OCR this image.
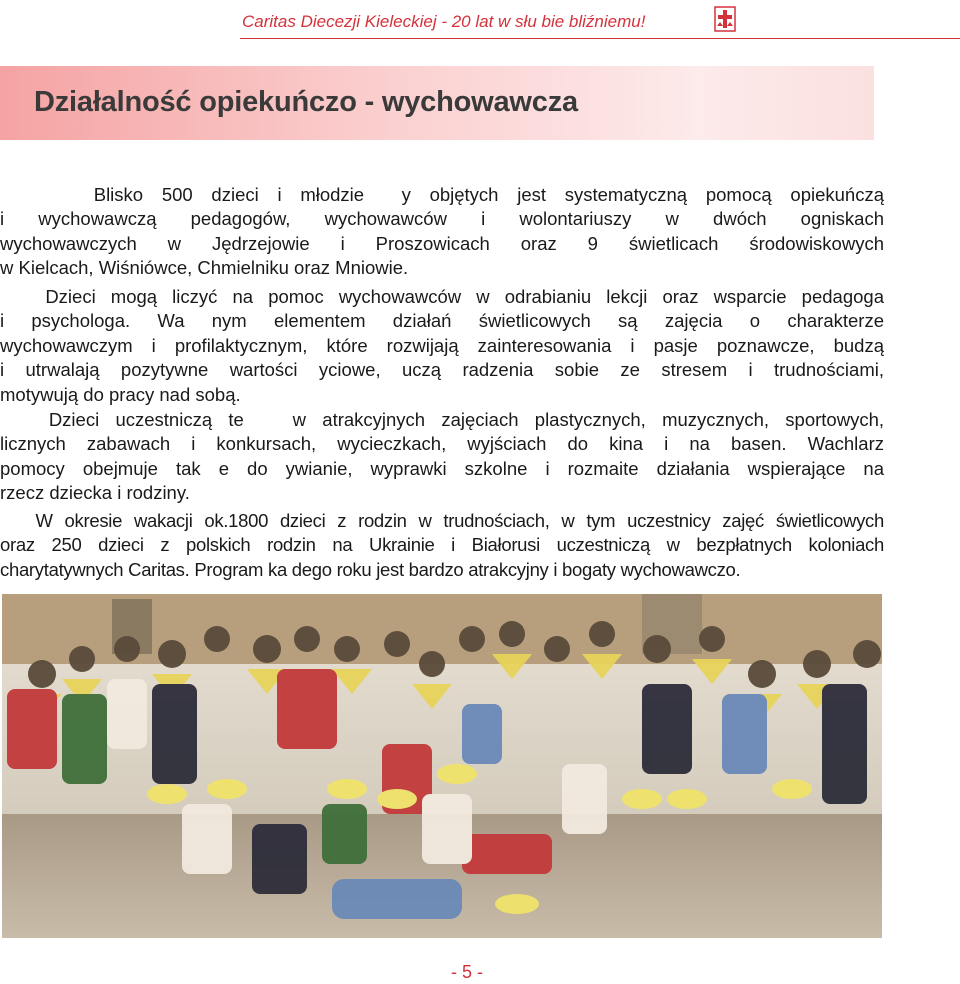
Caritas Diecezji Kieleckiej - 20 lat w słu bie bliźniemu!
Działalność opiekuńczo - wychowawcza
Blisko 500 dzieci i młodzie  y objętych jest systematyczną pomocą opiekuńczą
i wychowawczą pedagogów, wychowawców i wolontariuszy w dwóch ogniskach
wychowawczych w Jędrzejowie i Proszowicach oraz 9 świetlicach środowiskowych
w Kielcach, Wiśniówce, Chmielniku oraz Mniowie.
Dzieci mogą liczyć na pomoc wychowawców w odrabianiu lekcji oraz wsparcie pedagoga
i psychologa. Wa nym elementem działań świetlicowych są zajęcia o charakterze
wychowawczym i profilaktycznym, które rozwijają zainteresowania i pasje poznawcze, budzą
i utrwalają pozytywne wartości yciowe, uczą radzenia sobie ze stresem i trudnościami,
motywują do pracy nad sobą.
Dzieci uczestniczą te   w atrakcyjnych zajęciach plastycznych, muzycznych, sportowych,
licznych zabawach i konkursach, wycieczkach, wyjściach do kina i na basen. Wachlarz
pomocy obejmuje tak e do ywianie, wyprawki szkolne i rozmaite działania wspierające na
rzecz dziecka i rodziny.
W okresie wakacji ok.1800 dzieci z rodzin w trudnościach, w tym uczestnicy zajęć świetlicowych
oraz 250 dzieci z polskich rodzin na Ukrainie i Białorusi uczestniczą w bezpłatnych koloniach
charytatywnych Caritas. Program ka dego roku jest bardzo atrakcyjny i bogaty wychowawczo.
- 5 -
